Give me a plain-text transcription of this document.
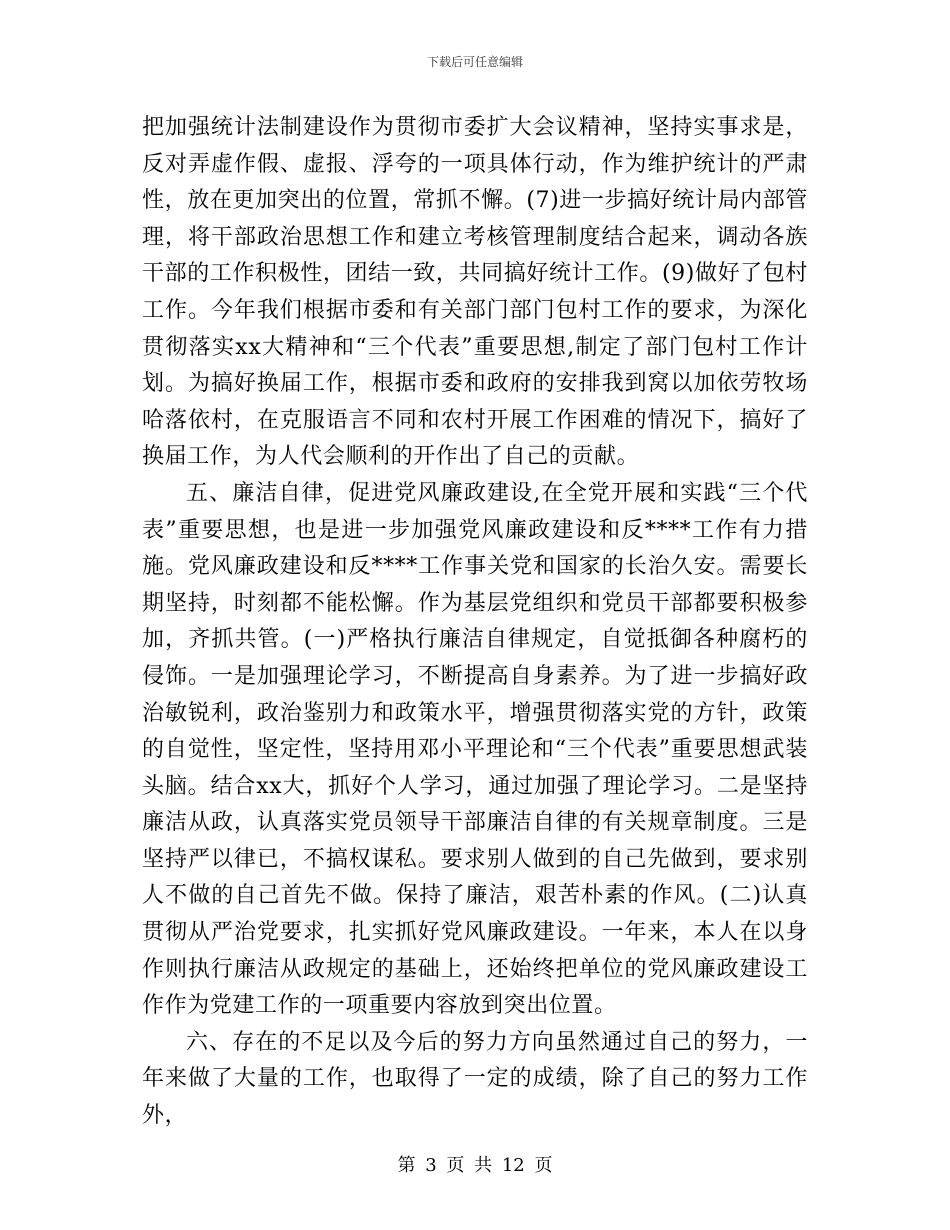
下载后可任意编辑

把加强统计法制建设作为贯彻市委扩大会议精神，坚持实事求是，反对弄虚作假、虚报、浮夸的一项具体行动，作为维护统计的严肃性，放在更加突出的位置，常抓不懈。(7)进一步搞好统计局内部管理，将干部政治思想工作和建立考核管理制度结合起来，调动各族干部的工作积极性，团结一致，共同搞好统计工作。(9)做好了包村工作。今年我们根据市委和有关部门部门包村工作的要求，为深化贯彻落实xx大精神和“三个代表”重要思想,制定了部门包村工作计划。为搞好换届工作，根据市委和政府的安排我到窝以加依劳牧场哈落依村，在克服语言不同和农村开展工作困难的情况下，搞好了换届工作，为人代会顺利的开作出了自己的贡献。

五、廉洁自律，促进党风廉政建设,在全党开展和实践“三个代表”重要思想，也是进一步加强党风廉政建设和反****工作有力措施。党风廉政建设和反****工作事关党和国家的长治久安。需要长期坚持，时刻都不能松懈。作为基层党组织和党员干部都要积极参加，齐抓共管。(一)严格执行廉洁自律规定，自觉抵御各种腐朽的侵饰。一是加强理论学习，不断提高自身素养。为了进一步搞好政治敏锐利，政治鉴别力和政策水平，增强贯彻落实党的方针，政策的自觉性，坚定性，坚持用邓小平理论和“三个代表”重要思想武装头脑。结合xx大，抓好个人学习，通过加强了理论学习。二是坚持廉洁从政，认真落实党员领导干部廉洁自律的有关规章制度。三是坚持严以律已，不搞权谋私。要求别人做到的自己先做到，要求别人不做的自己首先不做。保持了廉洁，艰苦朴素的作风。(二)认真贯彻从严治党要求，扎实抓好党风廉政建设。一年来，本人在以身作则执行廉洁从政规定的基础上，还始终把单位的党风廉政建设工作作为党建工作的一项重要内容放到突出位置。

六、存在的不足以及今后的努力方向虽然通过自己的努力，一年来做了大量的工作，也取得了一定的成绩，除了自己的努力工作外，

第 3 页 共 12 页
